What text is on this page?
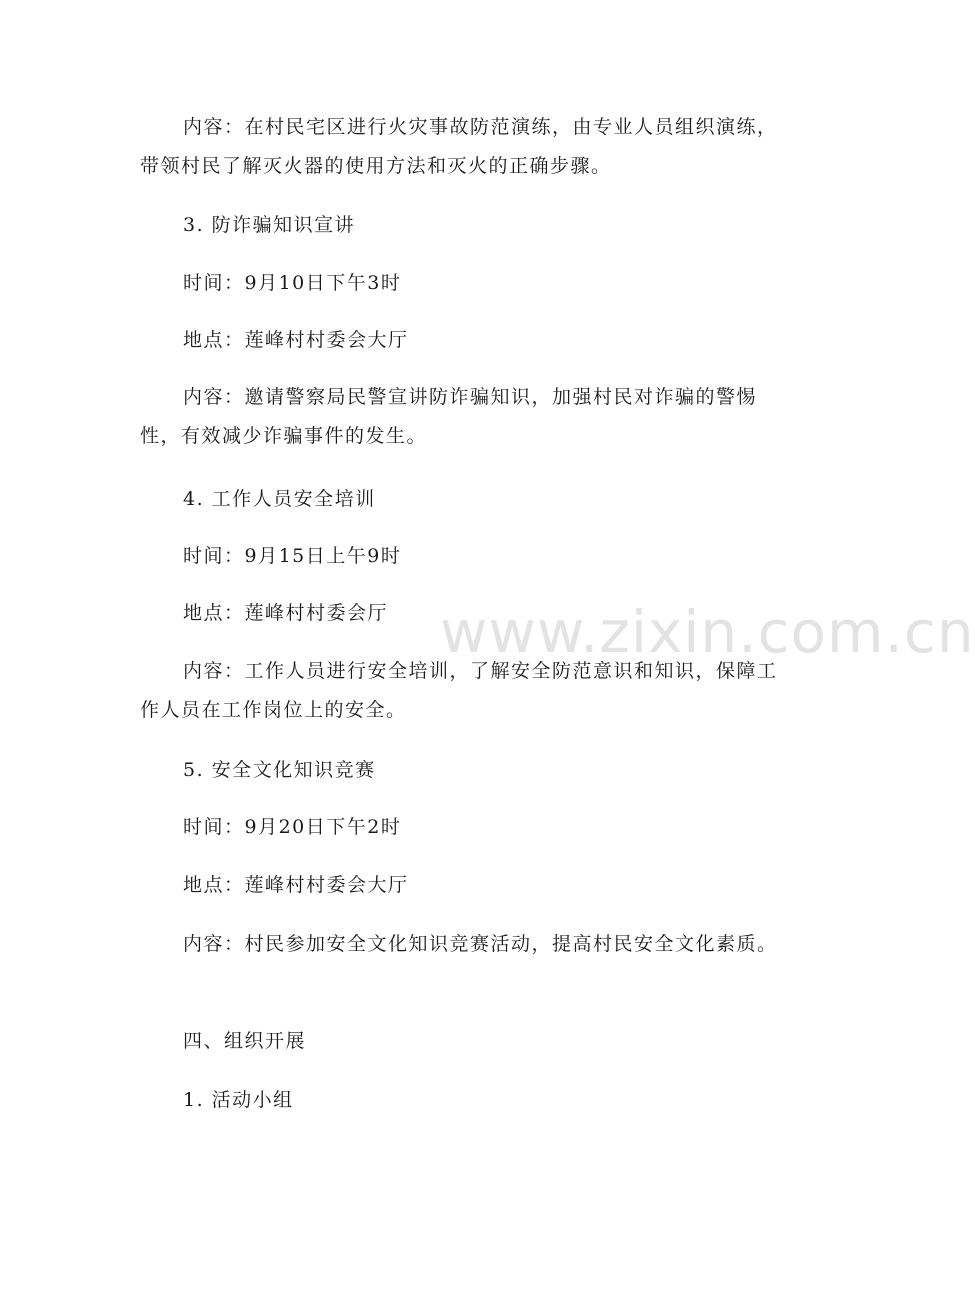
内容：在村民宅区进行火灾事故防范演练，由专业人员组织演练，带领村民了解灭火器的使用方法和灭火的正确步骤。

3. 防诈骗知识宣讲

时间：9月10日下午3时

地点：莲峰村村委会大厅

内容：邀请警察局民警宣讲防诈骗知识，加强村民对诈骗的警惕性，有效减少诈骗事件的发生。

4. 工作人员安全培训

时间：9月15日上午9时

地点：莲峰村村委会厅

内容：工作人员进行安全培训，了解安全防范意识和知识，保障工作人员在工作岗位上的安全。

5. 安全文化知识竞赛

时间：9月20日下午2时

地点：莲峰村村委会大厅

内容：村民参加安全文化知识竞赛活动，提高村民安全文化素质。

四、组织开展

1. 活动小组

www.zixin.com.cn
